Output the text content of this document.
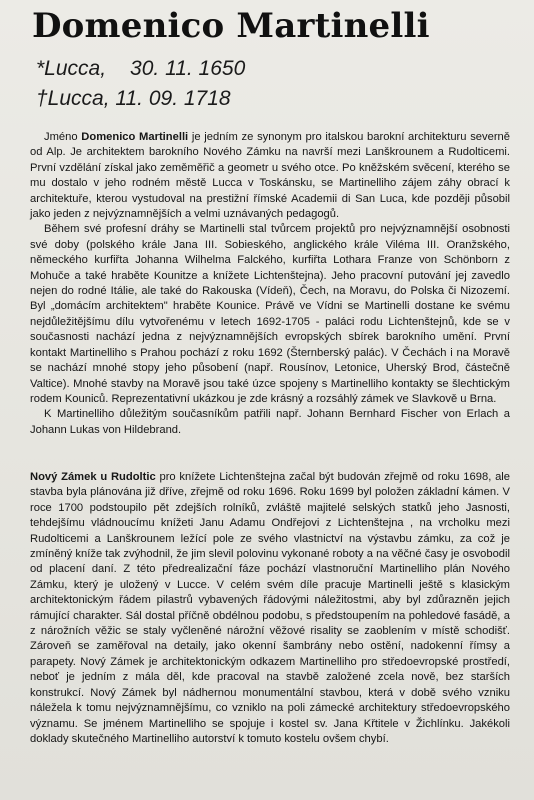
Domenico Martinelli
*Lucca, 30. 11. 1650
†Lucca, 11. 09. 1718

Jméno Domenico Martinelli je jedním ze synonym pro italskou barokní architekturu severně od Alp. Je architektem barokního Nového Zámku na navrší mezi Lanškrounem a Rudolticemi. První vzdělání získal jako zeměměřič a geometr u svého otce. Po kněžském svěcení, kterého se mu dostalo v jeho rodném městě Lucca v Toskánsku, se Martinelliho zájem záhy obrací k architektuře, kterou vystudoval na prestižní římské Academii di San Luca, kde později působil jako jeden z nejvýznamnějších a velmi uznávaných pedagogů.

Během své profesní dráhy se Martinelli stal tvůrcem projektů pro nejvýznamnější osobnosti své doby (polského krále Jana III. Sobieského, anglického krále Viléma III. Oranžského, německého kurfiřta Johanna Wilhelma Falckého, kurfiřta Lothara Franze von Schönborn z Mohuče a také hraběte Kounitze a knížete Lichtenštejna). Jeho pracovní putování jej zavedlo nejen do rodné Itálie, ale také do Rakouska (Vídeň), Čech, na Moravu, do Polska či Nizozemí. Byl „domácím architektem" hraběte Kounice. Právě ve Vídni se Martinelli dostane ke svému nejdůležitějšímu dílu vytvořenému v letech 1692-1705 - paláci rodu Lichtenštejnů, kde se v současnosti nachází jedna z nejvýznamnějších evropských sbírek barokního umění. První kontakt Martinelliho s Prahou pochází z roku 1692 (Šternberský palác). V Čechách i na Moravě se nachází mnohé stopy jeho působení (např. Rousínov, Letonice, Uherský Brod, částečně Valtice). Mnohé stavby na Moravě jsou také úzce spojeny s Martinelliho kontakty se šlechtickým rodem Kouniců. Reprezentativní ukázkou je zde krásný a rozsáhlý zámek ve Slavkově u Brna.

K Martinelliho důležitým současníkům patřili např. Johann Bernhard Fischer von Erlach a Johann Lukas von Hildebrand.

Nový Zámek u Rudoltic pro knížete Lichtenštejna začal být budován zřejmě od roku 1698, ale stavba byla plánována již dříve, zřejmě od roku 1696. Roku 1699 byl položen základní kámen. V roce 1700 podstoupilo pět zdejších rolníků, zvláště majitelé selských statků jeho Jasnosti, tehdejšímu vládnoucímu knížeti Janu Adamu Ondřejovi z Lichtenštejna , na vrcholku mezi Rudolticemi a Lanškrounem ležící pole ze svého vlastnictví na výstavbu zámku, za což je zmíněný kníže tak zvýhodnil, že jim slevil polovinu vykonané roboty a na věčné časy je osvobodil od placení daní. Z této předrealizační fáze pochází vlastnoruční Martinelliho plán Nového Zámku, který je uložený v Lucce. V celém svém díle pracuje Martinelli ještě s klasickým architektonickým řádem pilastrů vybavených řádovými náležitostmi, aby byl zdůrazněn jejich rámující charakter. Sál dostal příčně obdélnou podobu, s předstoupením na pohledové fasádě, a z nárožních věžic se staly vyčleněné nárožní věžové risality se zaoblením v místě schodišť. Zároveň se zaměřoval na detaily, jako okenní šambrány nebo ostění, nadokenní římsy a parapety. Nový Zámek je architektonickým odkazem Martinelliho pro středoevropské prostředí, neboť je jedním z mála děl, kde pracoval na stavbě založené zcela nově, bez starších konstrukcí. Nový Zámek byl nádhernou monumentální stavbou, která v době svého vzniku náležela k tomu nejvýznamnějšímu, co vzniklo na poli zámecké architektury středoevropského významu. Se jménem Martinelliho se spojuje i kostel sv. Jana Křtitele v Žichlínku. Jakékoli doklady skutečného Martinelliho autorství k tomuto kostelu ovšem chybí.
